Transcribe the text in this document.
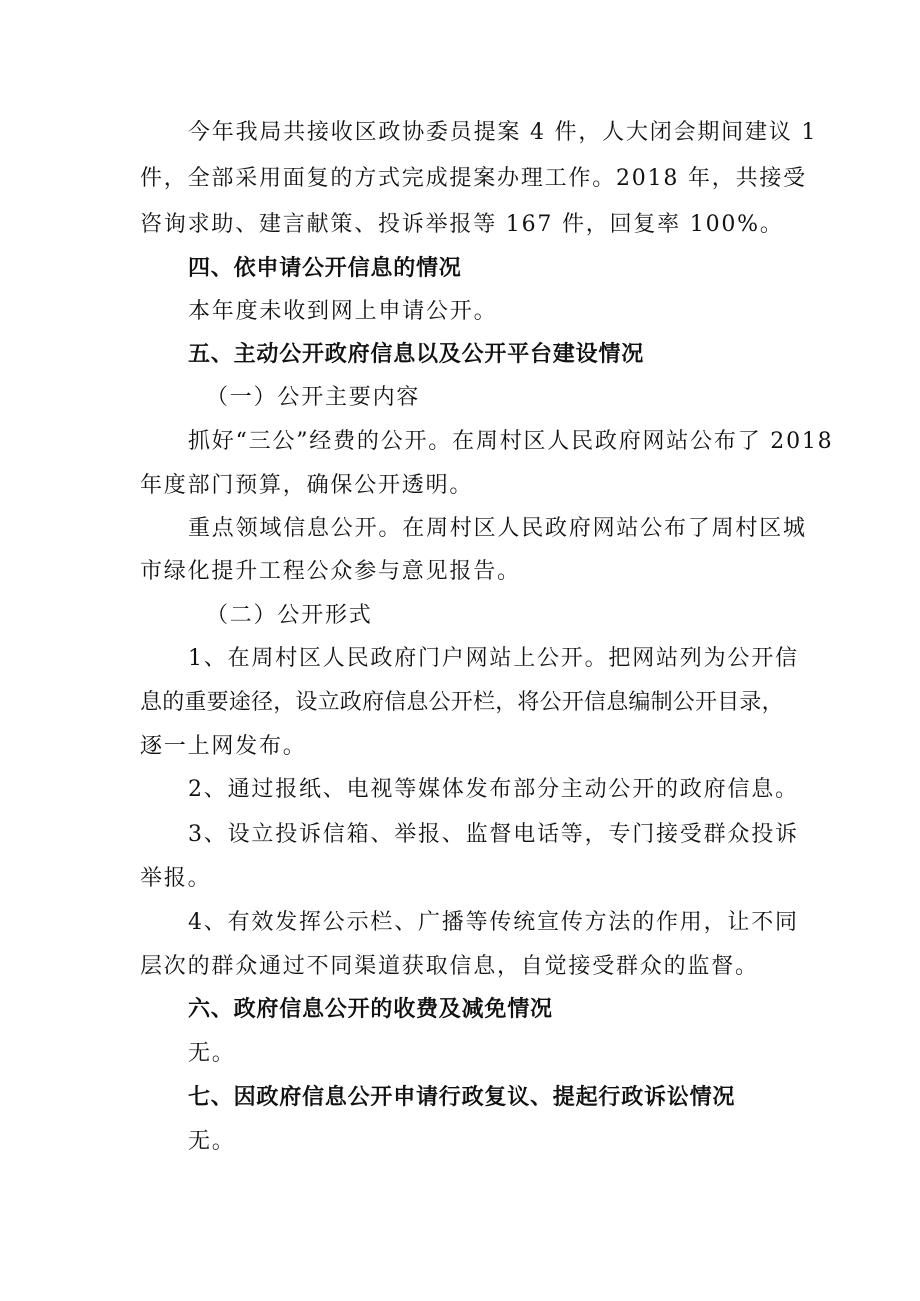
今年我局共接收区政协委员提案 4 件，人大闭会期间建议 1
件，全部采用面复的方式完成提案办理工作。2018 年，共接受
咨询求助、建言献策、投诉举报等 167 件，回复率 100%。
四、依申请公开信息的情况
本年度未收到网上申请公开。
五、主动公开政府信息以及公开平台建设情况
（一）公开主要内容
抓好“三公”经费的公开。在周村区人民政府网站公布了 2018
年度部门预算，确保公开透明。
重点领域信息公开。在周村区人民政府网站公布了周村区城
市绿化提升工程公众参与意见报告。
（二）公开形式
1、在周村区人民政府门户网站上公开。把网站列为公开信
息的重要途径，设立政府信息公开栏，将公开信息编制公开目录，
逐一上网发布。
2、通过报纸、电视等媒体发布部分主动公开的政府信息。
3、设立投诉信箱、举报、监督电话等，专门接受群众投诉
举报。
4、有效发挥公示栏、广播等传统宣传方法的作用，让不同
层次的群众通过不同渠道获取信息，自觉接受群众的监督。
六、政府信息公开的收费及减免情况
无。
七、因政府信息公开申请行政复议、提起行政诉讼情况
无。
